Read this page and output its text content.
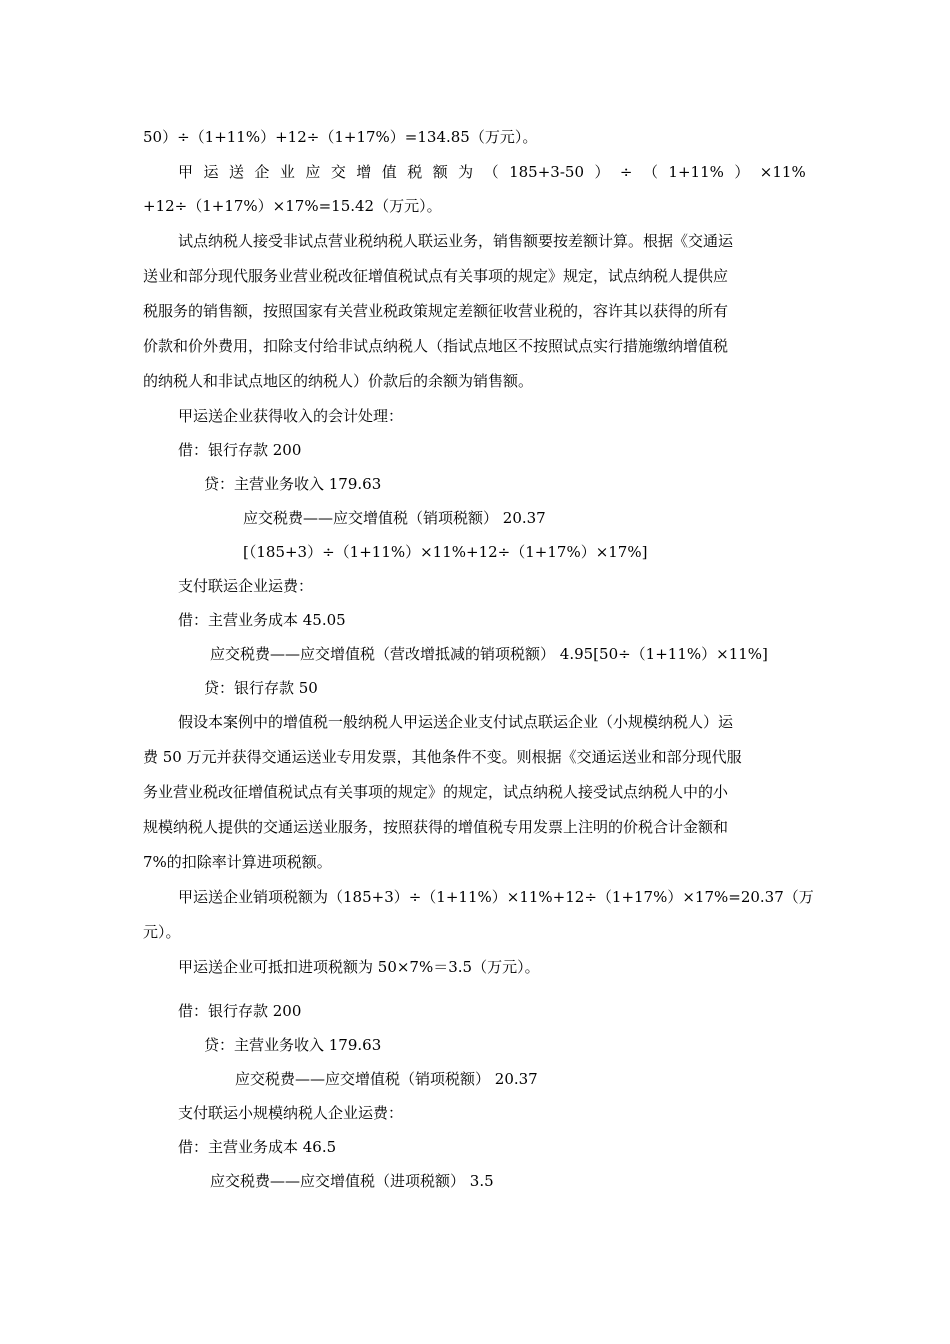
50）÷（1+11%）+12÷（1+17%）=134.85（万元）。
甲 运 送 企 业 应 交 增 值 税 额 为 （ 185+3-50 ） ÷ （ 1+11% ） ×11%
+12÷（1+17%）×17%=15.42（万元）。
试点纳税人接受非试点营业税纳税人联运业务，销售额要按差额计算。根据《交通运
送业和部分现代服务业营业税改征增值税试点有关事项的规定》规定，试点纳税人提供应
税服务的销售额，按照国家有关营业税政策规定差额征收营业税的，容许其以获得的所有
价款和价外费用，扣除支付给非试点纳税人（指试点地区不按照试点实行措施缴纳增值税
的纳税人和非试点地区的纳税人）价款后的余额为销售额。
甲运送企业获得收入的会计处理：
借：银行存款 200
贷：主营业务收入 179.63
应交税费——应交增值税（销项税额） 20.37
[（185+3）÷（1+11%）×11%+12÷（1+17%）×17%]
支付联运企业运费：
借：主营业务成本 45.05
应交税费——应交增值税（营改增抵减的销项税额） 4.95[50÷（1+11%）×11%]
贷：银行存款 50
假设本案例中的增值税一般纳税人甲运送企业支付试点联运企业（小规模纳税人）运
费 50 万元并获得交通运送业专用发票，其他条件不变。则根据《交通运送业和部分现代服
务业营业税改征增值税试点有关事项的规定》的规定，试点纳税人接受试点纳税人中的小
规模纳税人提供的交通运送业服务，按照获得的增值税专用发票上注明的价税合计金额和
7%的扣除率计算进项税额。
甲运送企业销项税额为（185+3）÷（1+11%）×11%+12÷（1+17%）×17%=20.37（万
元）。
甲运送企业可抵扣进项税额为 50×7%＝3.5（万元）。
借：银行存款 200
贷：主营业务收入 179.63
应交税费——应交增值税（销项税额） 20.37
支付联运小规模纳税人企业运费：
借：主营业务成本 46.5
应交税费——应交增值税（进项税额） 3.5
